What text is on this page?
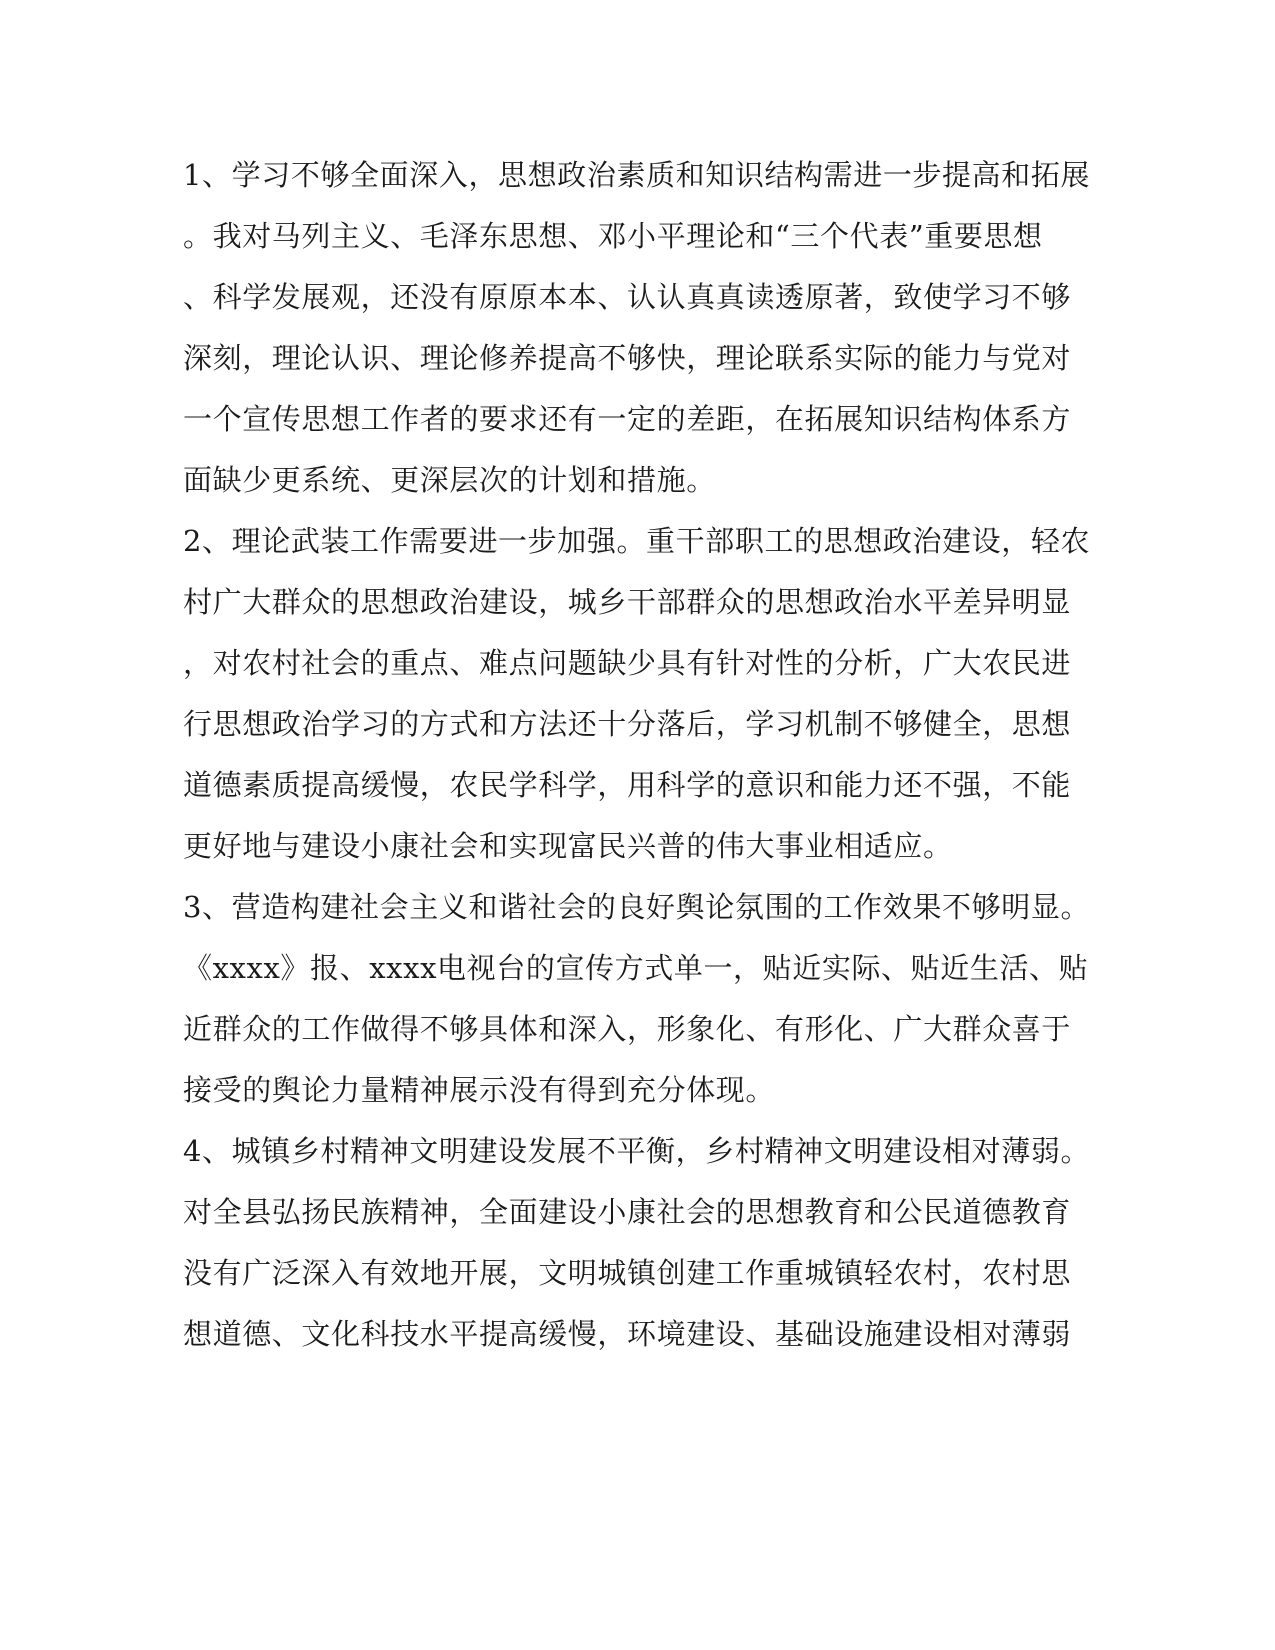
1、学习不够全面深入，思想政治素质和知识结构需进一步提高和拓展
。我对马列主义、毛泽东思想、邓小平理论和“三个代表”重要思想
、科学发展观，还没有原原本本、认认真真读透原著，致使学习不够
深刻，理论认识、理论修养提高不够快，理论联系实际的能力与党对
一个宣传思想工作者的要求还有一定的差距，在拓展知识结构体系方
面缺少更系统、更深层次的计划和措施。
2、理论武装工作需要进一步加强。重干部职工的思想政治建设，轻农
村广大群众的思想政治建设，城乡干部群众的思想政治水平差异明显
，对农村社会的重点、难点问题缺少具有针对性的分析，广大农民进
行思想政治学习的方式和方法还十分落后，学习机制不够健全，思想
道德素质提高缓慢，农民学科学，用科学的意识和能力还不强，不能
更好地与建设小康社会和实现富民兴普的伟大事业相适应。
3、营造构建社会主义和谐社会的良好舆论氛围的工作效果不够明显。
《xxxx》报、xxxx电视台的宣传方式单一，贴近实际、贴近生活、贴
近群众的工作做得不够具体和深入，形象化、有形化、广大群众喜于
接受的舆论力量精神展示没有得到充分体现。
4、城镇乡村精神文明建设发展不平衡，乡村精神文明建设相对薄弱。
对全县弘扬民族精神，全面建设小康社会的思想教育和公民道德教育
没有广泛深入有效地开展，文明城镇创建工作重城镇轻农村，农村思
想道德、文化科技水平提高缓慢，环境建设、基础设施建设相对薄弱
